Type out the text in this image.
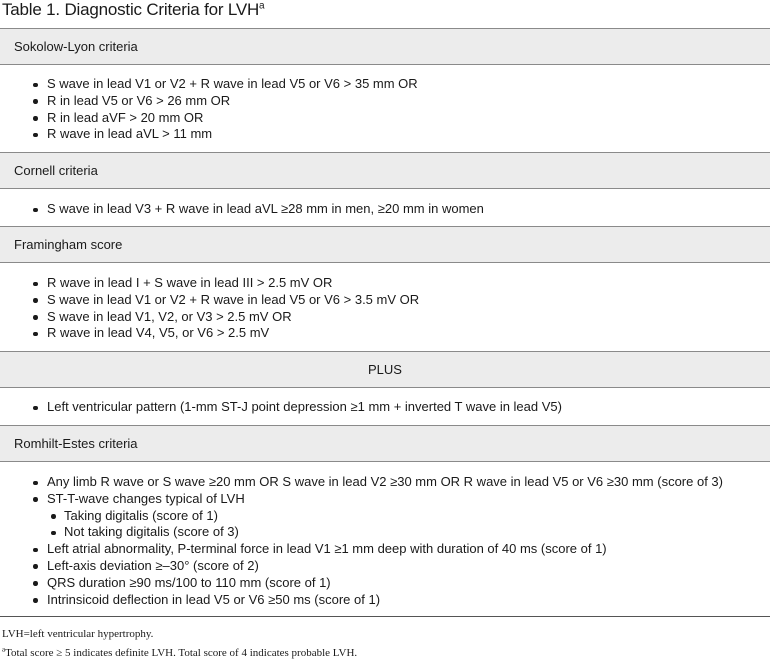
Table 1. Diagnostic Criteria for LVH$^a$
Sokolow-Lyon criteria
S wave in lead V1 or V2 + R wave in lead V5 or V6 > 35 mm OR
R in lead V5 or V6 > 26 mm OR
R in lead aVF > 20 mm OR
R wave in lead aVL > 11 mm
Cornell criteria
S wave in lead V3 + R wave in lead aVL ≥28 mm in men, ≥20 mm in women
Framingham score
R wave in lead I + S wave in lead III > 2.5 mV OR
S wave in lead V1 or V2 + R wave in lead V5 or V6 > 3.5 mV OR
S wave in lead V1, V2, or V3 > 2.5 mV OR
R wave in lead V4, V5, or V6 > 2.5 mV
PLUS
Left ventricular pattern (1-mm ST-J point depression ≥1 mm + inverted T wave in lead V5)
Romhilt-Estes criteria
Any limb R wave or S wave ≥20 mm OR S wave in lead V2 ≥30 mm OR R wave in lead V5 or V6 ≥30 mm (score of 3)
ST-T-wave changes typical of LVH
Taking digitalis (score of 1)
Not taking digitalis (score of 3)
Left atrial abnormality, P-terminal force in lead V1 ≥1 mm deep with duration of 40 ms (score of 1)
Left-axis deviation ≥–30° (score of 2)
QRS duration ≥90 ms/100 to 110 mm (score of 1)
Intrinsicoid deflection in lead V5 or V6 ≥50 ms (score of 1)
LVH=left ventricular hypertrophy.
$^a$Total score ≥ 5 indicates definite LVH. Total score of 4 indicates probable LVH.
